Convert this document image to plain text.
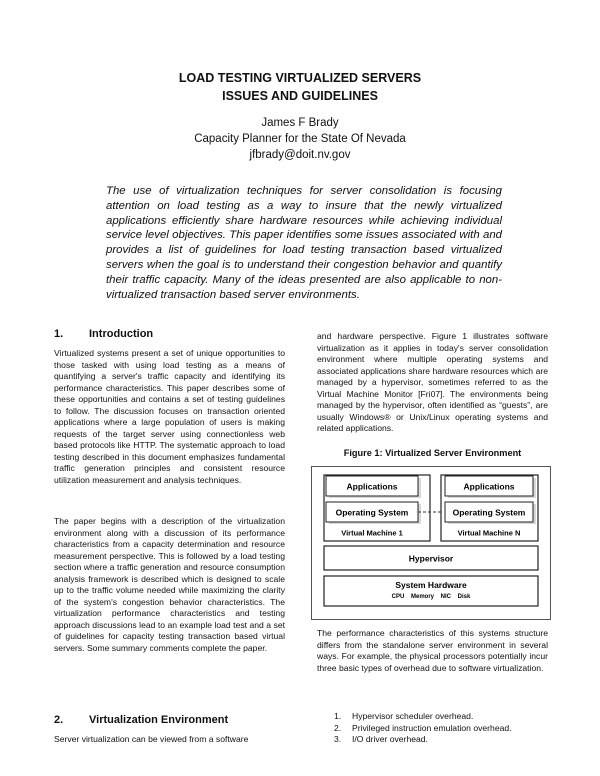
LOAD TESTING VIRTUALIZED SERVERS
ISSUES AND GUIDELINES
James F Brady
Capacity Planner for the State Of Nevada
jfbrady@doit.nv.gov
The use of virtualization techniques for server consolidation is focusing attention on load testing as a way to insure that the newly virtualized applications efficiently share hardware resources while achieving individual service level objectives. This paper identifies some issues associated with and provides a list of guidelines for load testing transaction based virtualized servers when the goal is to understand their congestion behavior and quantify their traffic capacity. Many of the ideas presented are also applicable to non-virtualized transaction based server environments.
1. Introduction

Virtualized systems present a set of unique opportunities to those tasked with using load testing as a means of quantifying a server's traffic capacity and identifying its performance characteristics. This paper describes some of these opportunities and contains a set of testing guidelines to follow. The discussion focuses on transaction oriented applications where a large population of users is making requests of the target server using connectionless web based protocols like HTTP. The systematic approach to load testing described in this document emphasizes fundamental traffic generation principles and consistent resource utilization measurement and analysis techniques.

The paper begins with a description of the virtualization environment along with a discussion of its performance characteristics from a capacity determination and resource measurement perspective. This is followed by a load testing section where a traffic generation and resource consumption analysis framework is described which is designed to scale up to the traffic volume needed while maximizing the clarity of the system's congestion behavior characteristics. The virtualization performance characteristics and testing approach discussions lead to an example load test and a set of guidelines for capacity testing transaction based virtual servers. Some summary comments complete the paper.

2. Virtualization Environment

Server virtualization can be viewed from a software

and hardware perspective. Figure 1 illustrates software virtualization as it applies in today's server consolidation environment where multiple operating systems and associated applications share hardware resources which are managed by a hypervisor, sometimes referred to as the Virtual Machine Monitor [Fri07]. The environments being managed by the hypervisor, often identified as “guests”, are usually Windows® or Unix/Linux operating systems and related applications.

Figure 1: Virtualized Server Environment
Applications
Operating System
Virtual Machine 1
Applications
Operating System
Virtual Machine N
Hypervisor
System Hardware
CPU    Memory    NIC    Disk

The performance characteristics of this systems structure differs from the standalone server environment in several ways. For example, the physical processors potentially incur three basic types of overhead due to software virtualization.

1. Hypervisor scheduler overhead.
2. Privileged instruction emulation overhead.
3. I/O driver overhead.
